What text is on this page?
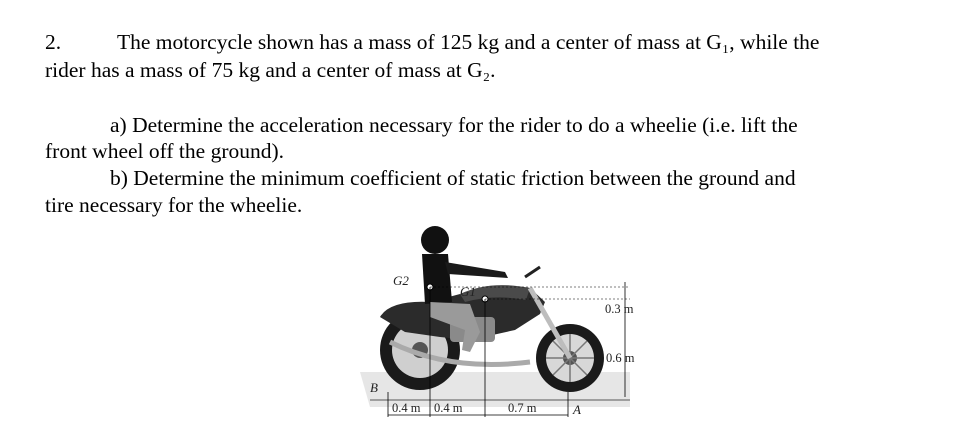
2.	The motorcycle shown has a mass of 125 kg and a center of mass at G₁, while the
rider has a mass of 75 kg and a center of mass at G₂.
a) Determine the acceleration necessary for the rider to do a wheelie (i.e. lift the
front wheel off the ground).
b) Determine the minimum coefficient of static friction between the ground and
tire necessary for the wheelie.
G2
G1
B
A
0.4 m 0.4 m	0.7 m
0.3 m
0.6 m
